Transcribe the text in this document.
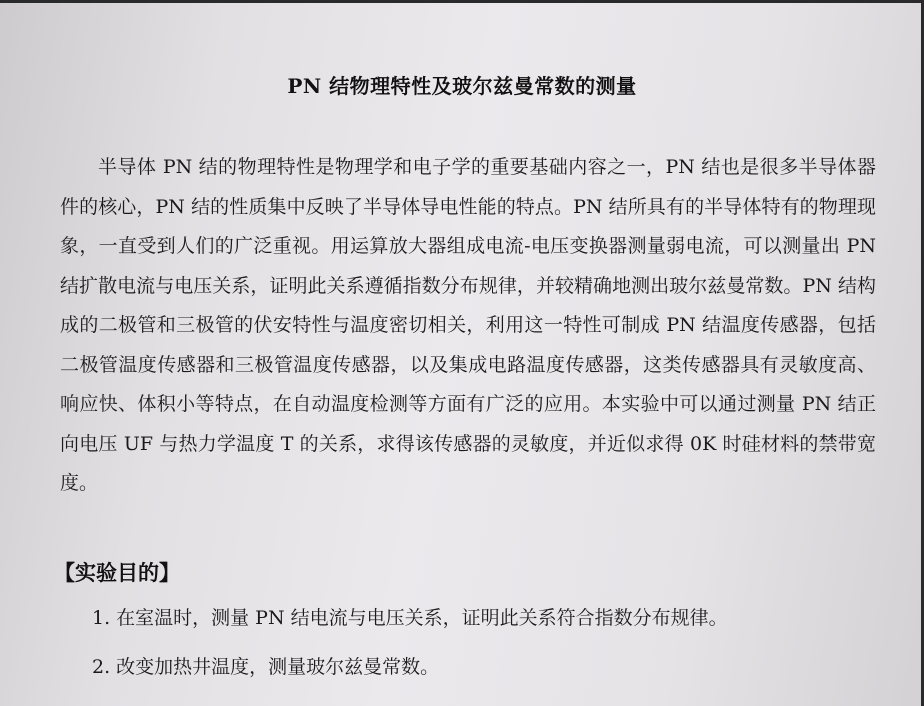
PN 结物理特性及玻尔兹曼常数的测量

半导体 PN 结的物理特性是物理学和电子学的重要基础内容之一，PN 结也是很多半导体器件的核心，PN 结的性质集中反映了半导体导电性能的特点。PN 结所具有的半导体特有的物理现象，一直受到人们的广泛重视。用运算放大器组成电流-电压变换器测量弱电流，可以测量出 PN 结扩散电流与电压关系，证明此关系遵循指数分布规律，并较精确地测出玻尔兹曼常数。PN 结构成的二极管和三极管的伏安特性与温度密切相关，利用这一特性可制成 PN 结温度传感器，包括二极管温度传感器和三极管温度传感器，以及集成电路温度传感器，这类传感器具有灵敏度高、响应快、体积小等特点，在自动温度检测等方面有广泛的应用。本实验中可以通过测量 PN 结正向电压 UF 与热力学温度 T 的关系，求得该传感器的灵敏度，并近似求得 0K 时硅材料的禁带宽度。

【实验目的】
1. 在室温时，测量 PN 结电流与电压关系，证明此关系符合指数分布规律。
2. 改变加热井温度，测量玻尔兹曼常数。
